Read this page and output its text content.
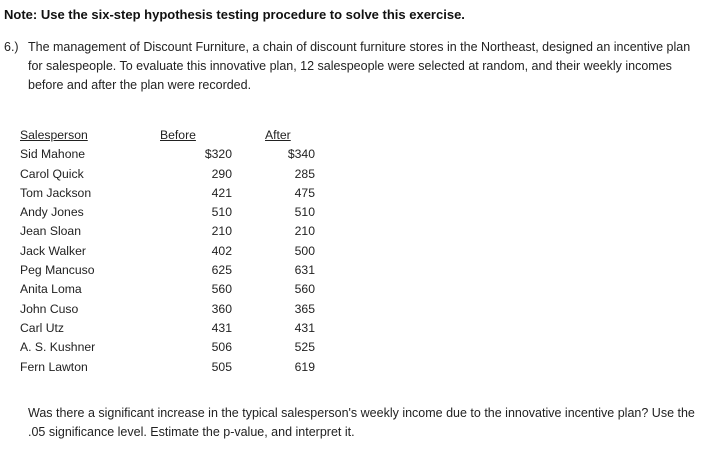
Note: Use the six-step hypothesis testing procedure to solve this exercise.
6.) The management of Discount Furniture, a chain of discount furniture stores in the Northeast, designed an incentive plan for salespeople. To evaluate this innovative plan, 12 salespeople were selected at random, and their weekly incomes before and after the plan were recorded.
Salesperson	Before	After
Sid Mahone	$320	$340
Carol Quick	290	285
Tom Jackson	421	475
Andy Jones	510	510
Jean Sloan	210	210
Jack Walker	402	500
Peg Mancuso	625	631
Anita Loma	560	560
John Cuso	360	365
Carl Utz	431	431
A. S. Kushner	506	525
Fern Lawton	505	619
Was there a significant increase in the typical salesperson's weekly income due to the innovative incentive plan? Use the .05 significance level. Estimate the p-value, and interpret it.
